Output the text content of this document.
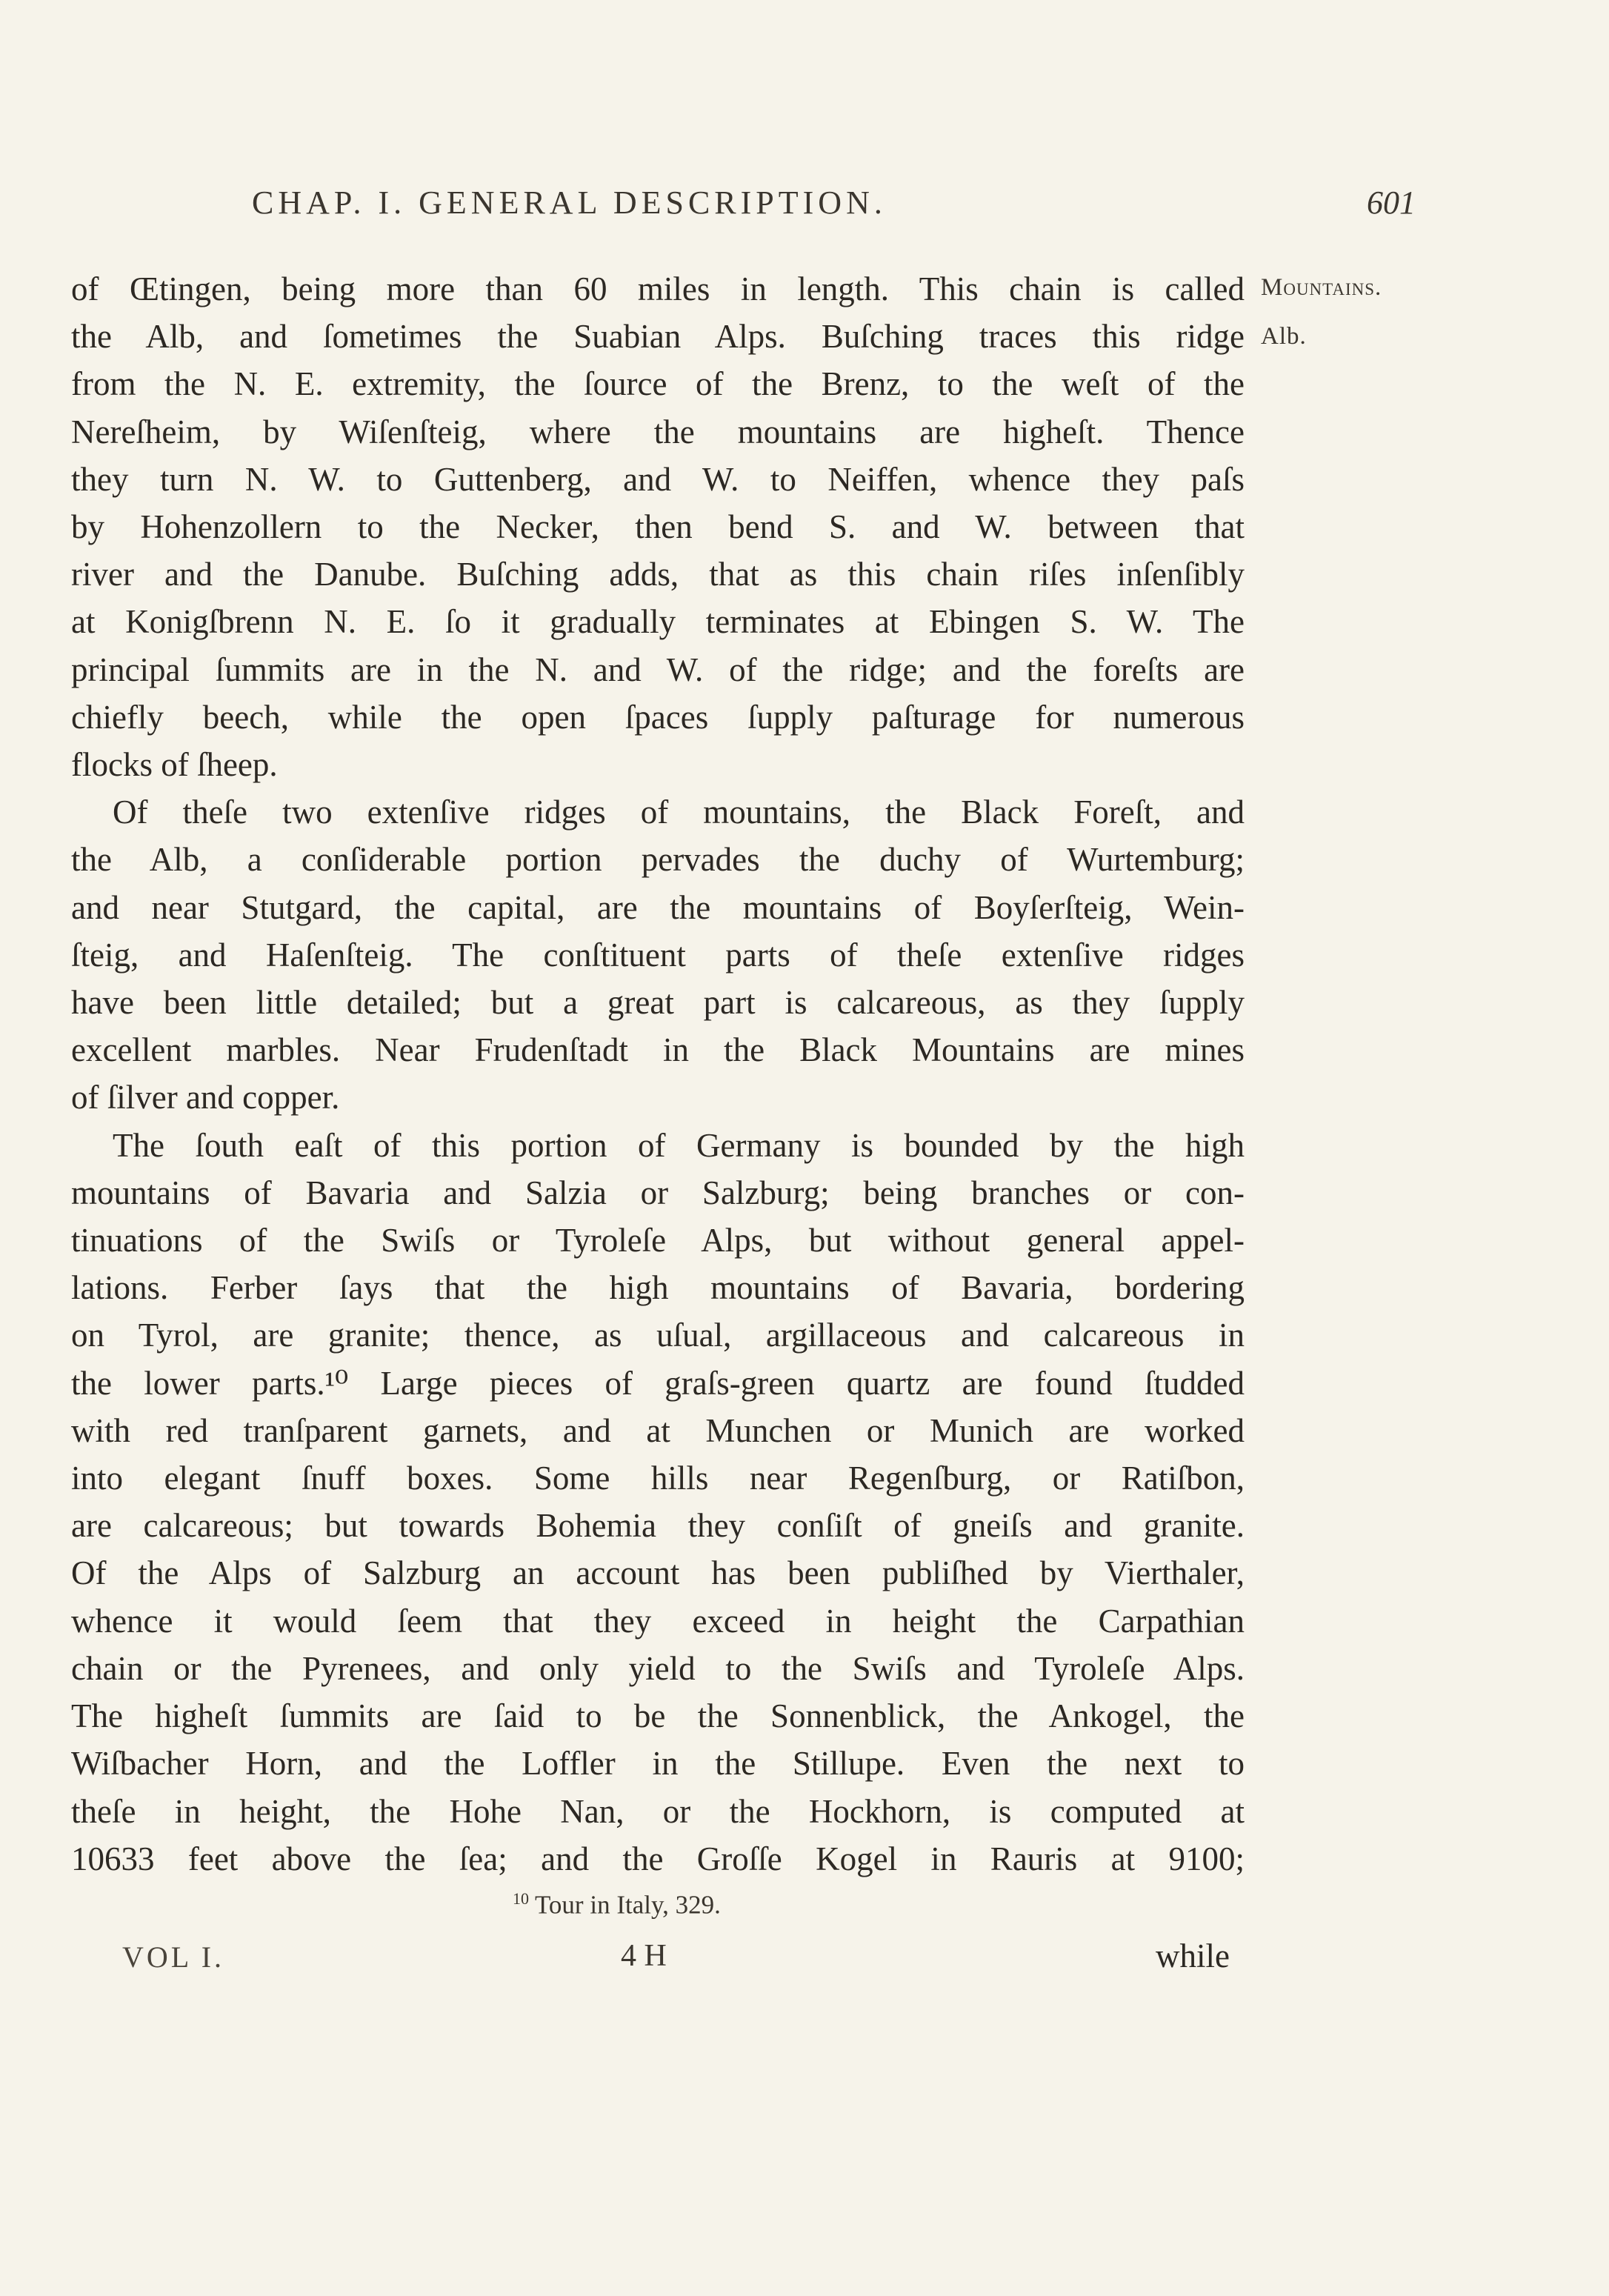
CHAP. I. GENERAL DESCRIPTION.	601
Mountains.
Alb.
of Œtingen, being more than 60 miles in length. This chain is called
the Alb, and ſometimes the Suabian Alps. Buſching traces this ridge
from the N. E. extremity, the ſource of the Brenz, to the weſt of the
Nereſheim, by Wiſenſteig, where the mountains are higheſt. Thence
they turn N. W. to Guttenberg, and W. to Neiffen, whence they paſs
by Hohenzollern to the Necker, then bend S. and W. between that
river and the Danube. Buſching adds, that as this chain riſes inſenſibly
at Konigſbrenn N. E. ſo it gradually terminates at Ebingen S. W. The
principal ſummits are in the N. and W. of the ridge; and the foreſts are
chiefly beech, while the open ſpaces ſupply paſturage for numerous
flocks of ſheep.
Of theſe two extenſive ridges of mountains, the Black Foreſt, and
the Alb, a conſiderable portion pervades the duchy of Wurtemburg;
and near Stutgard, the capital, are the mountains of Boyſerſteig, Wein-
ſteig, and Haſenſteig. The conſtituent parts of theſe extenſive ridges
have been little detailed; but a great part is calcareous, as they ſupply
excellent marbles. Near Frudenſtadt in the Black Mountains are mines
of ſilver and copper.
The ſouth eaſt of this portion of Germany is bounded by the high
mountains of Bavaria and Salzia or Salzburg; being branches or con-
tinuations of the Swiſs or Tyroleſe Alps, but without general appel-
lations. Ferber ſays that the high mountains of Bavaria, bordering
on Tyrol, are granite; thence, as uſual, argillaceous and calcareous in
the lower parts.¹⁰ Large pieces of graſs-green quartz are found ſtudded
with red tranſparent garnets, and at Munchen or Munich are worked
into elegant ſnuff boxes. Some hills near Regenſburg, or Ratiſbon,
are calcareous; but towards Bohemia they conſiſt of gneiſs and granite.
Of the Alps of Salzburg an account has been publiſhed by Vierthaler,
whence it would ſeem that they exceed in height the Carpathian
chain or the Pyrenees, and only yield to the Swiſs and Tyroleſe Alps.
The higheſt ſummits are ſaid to be the Sonnenblick, the Ankogel, the
Wiſbacher Horn, and the Loffler in the Stillupe. Even the next to
theſe in height, the Hohe Nan, or the Hockhorn, is computed at
10633 feet above the ſea; and the Groſſe Kogel in Rauris at 9100;
$^{10}$ Tour in Italy, 329.
VOL I.	4 H	while
